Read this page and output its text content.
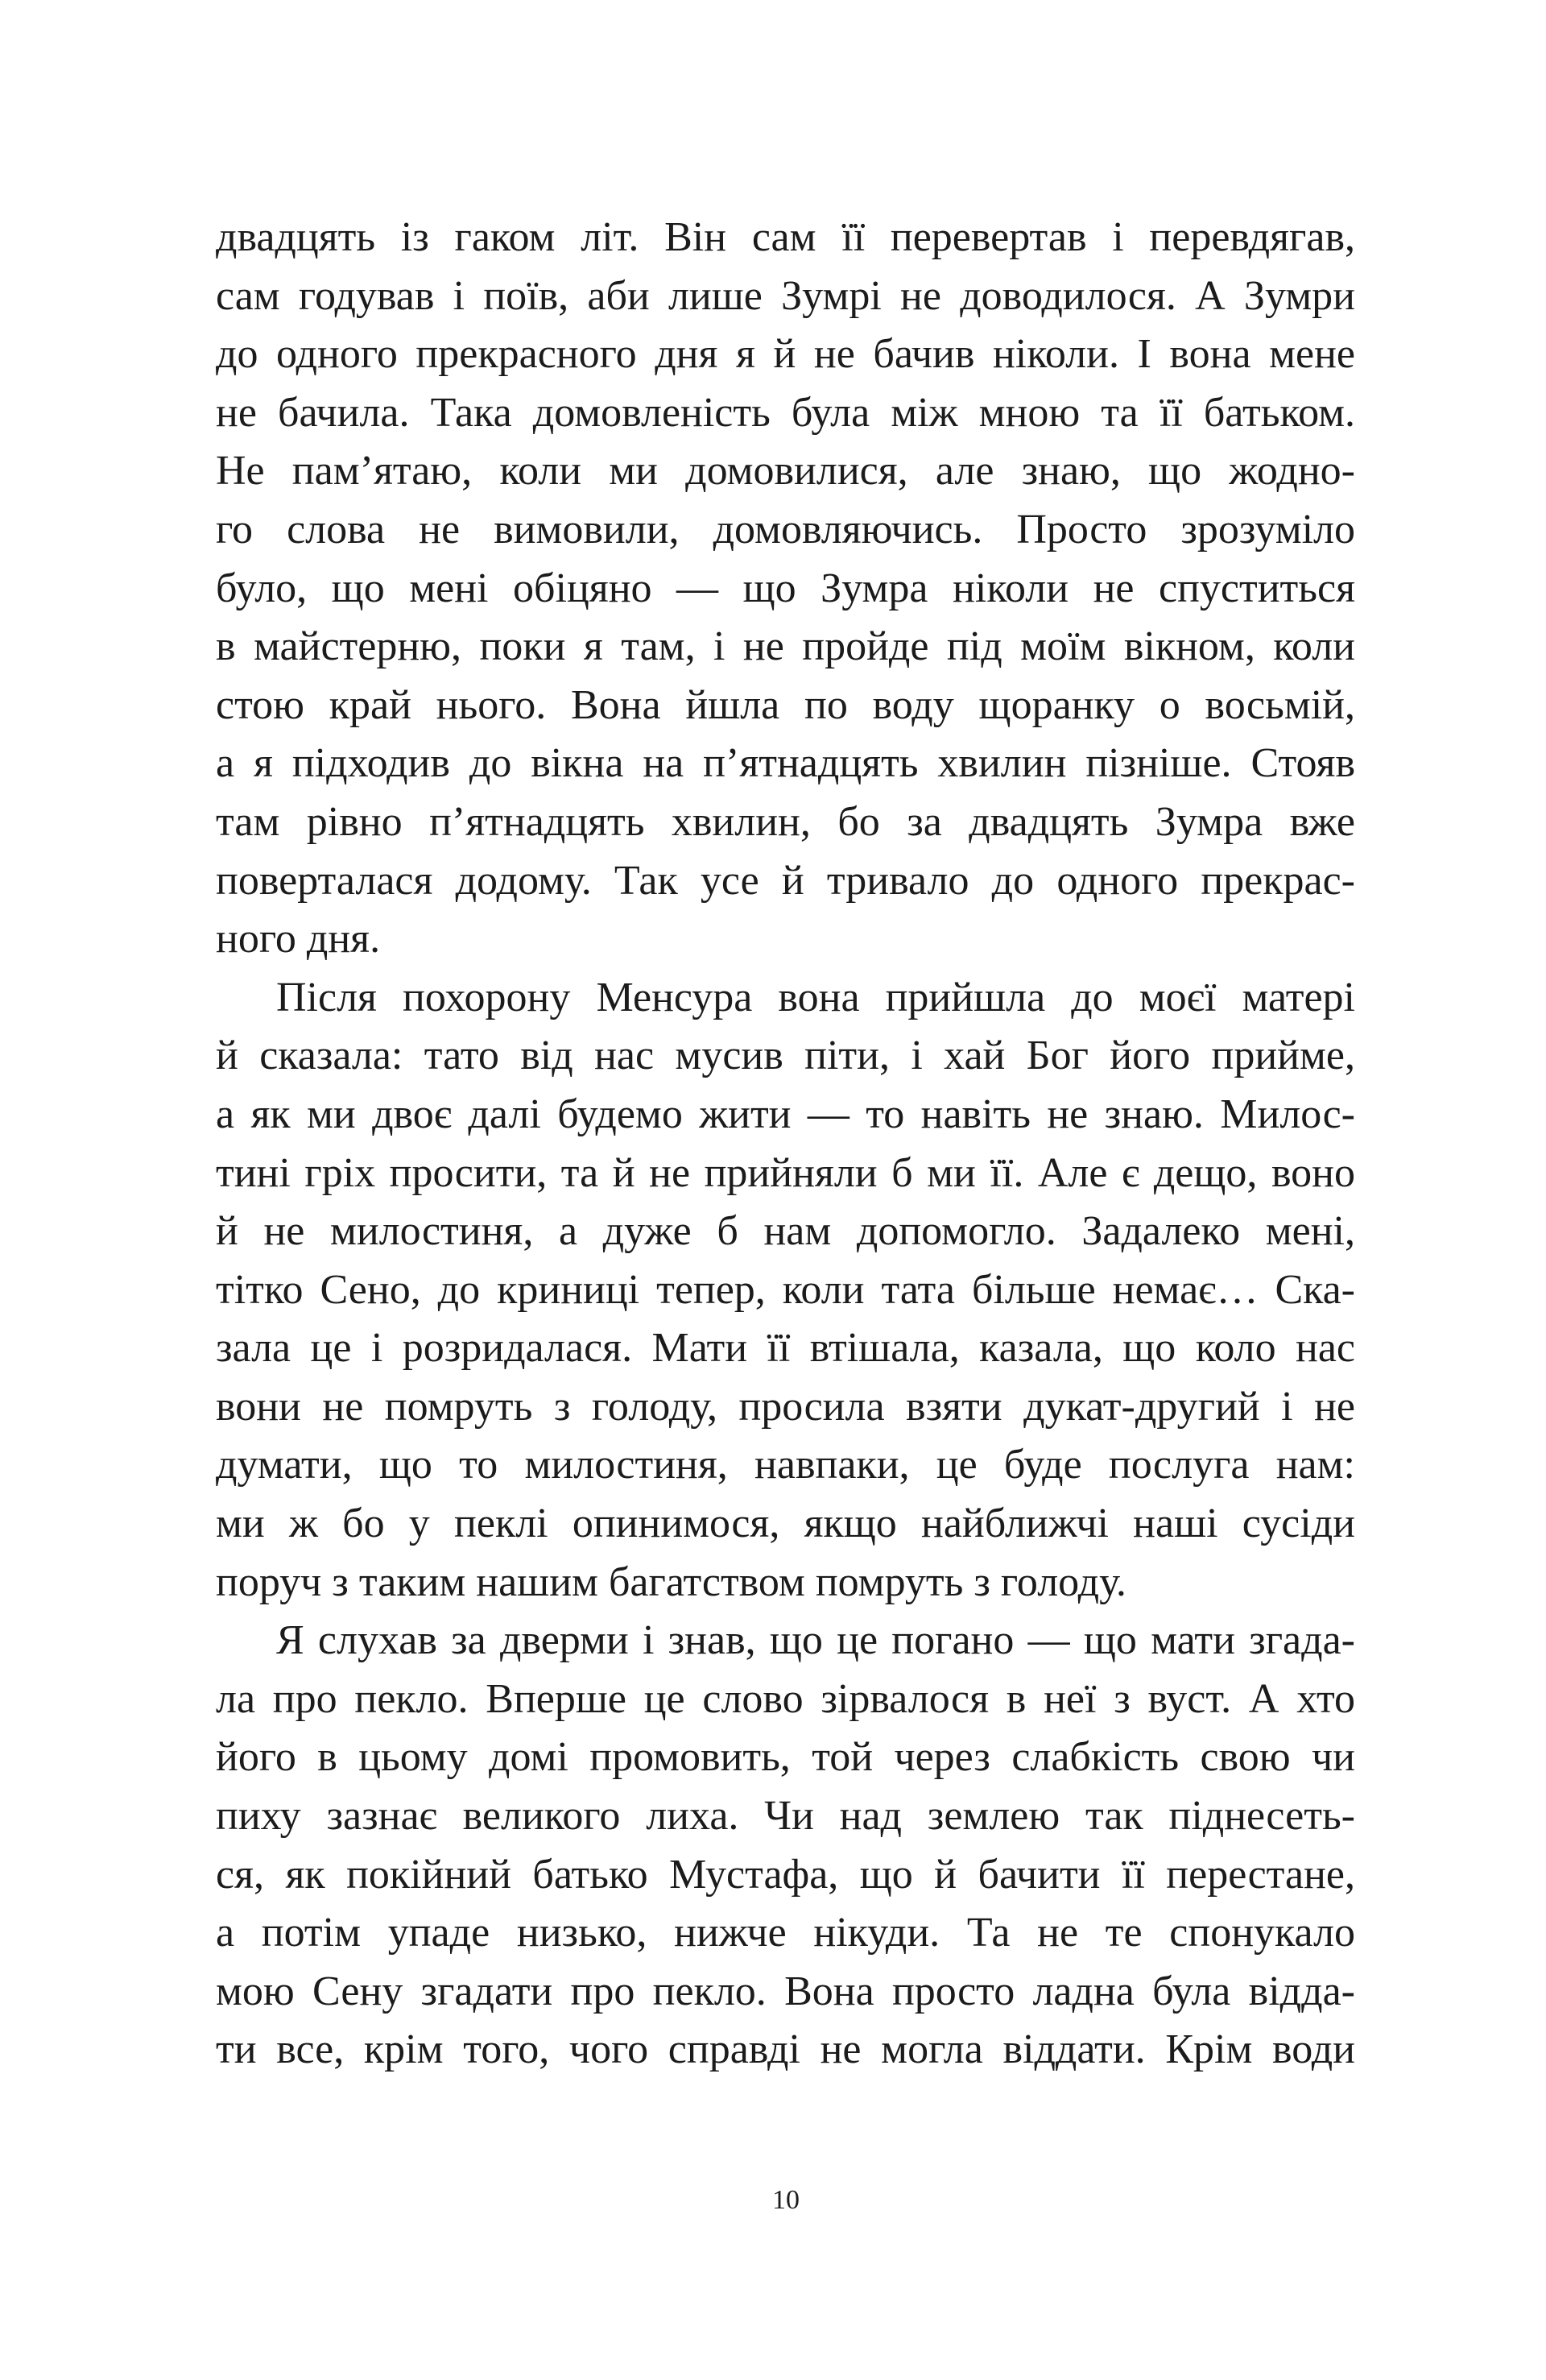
двадцять із гаком літ. Він сам її перевертав і перевдягав,
сам годував і поїв, аби лише Зумрі не доводилося. А Зумри
до одного прекрасного дня я й не бачив ніколи. І вона мене
не бачила. Така домовленість була між мною та її батьком.
Не пам’ятаю, коли ми домовилися, але знаю, що жодно-
го слова не вимовили, домовляючись. Просто зрозуміло
було, що мені обіцяно — що Зумра ніколи не спуститься
в майстерню, поки я там, і не пройде під моїм вікном, коли
стою край нього. Вона йшла по воду щоранку о восьмій,
а я підходив до вікна на п’ятнадцять хвилин пізніше. Стояв
там рівно п’ятнадцять хвилин, бо за двадцять Зумра вже
поверталася додому. Так усе й тривало до одного прекрас-
ного дня.
Після похорону Менсура вона прийшла до моєї матері
й сказала: тато від нас мусив піти, і хай Бог його прийме,
а як ми двоє далі будемо жити — то навіть не знаю. Милос-
тині гріх просити, та й не прийняли б ми її. Але є дещо, воно
й не милостиня, а дуже б нам допомогло. Задалеко мені,
тітко Сено, до криниці тепер, коли тата більше немає… Ска-
зала це і розридалася. Мати її втішала, казала, що коло нас
вони не помруть з голоду, просила взяти дукат-другий і не
думати, що то милостиня, навпаки, це буде послуга нам:
ми ж бо у пеклі опинимося, якщо найближчі наші сусіди
поруч з таким нашим багатством помруть з голоду.
Я слухав за дверми і знав, що це погано — що мати згада-
ла про пекло. Вперше це слово зірвалося в неї з вуст. А хто
його в цьому домі промовить, той через слабкість свою чи
пиху зазнає великого лиха. Чи над землею так піднесеть-
ся, як покійний батько Мустафа, що й бачити її перестане,
а потім упаде низько, нижче нікуди. Та не те спонукало
мою Сену згадати про пекло. Вона просто ладна була відда-
ти все, крім того, чого справді не могла віддати. Крім води
10
